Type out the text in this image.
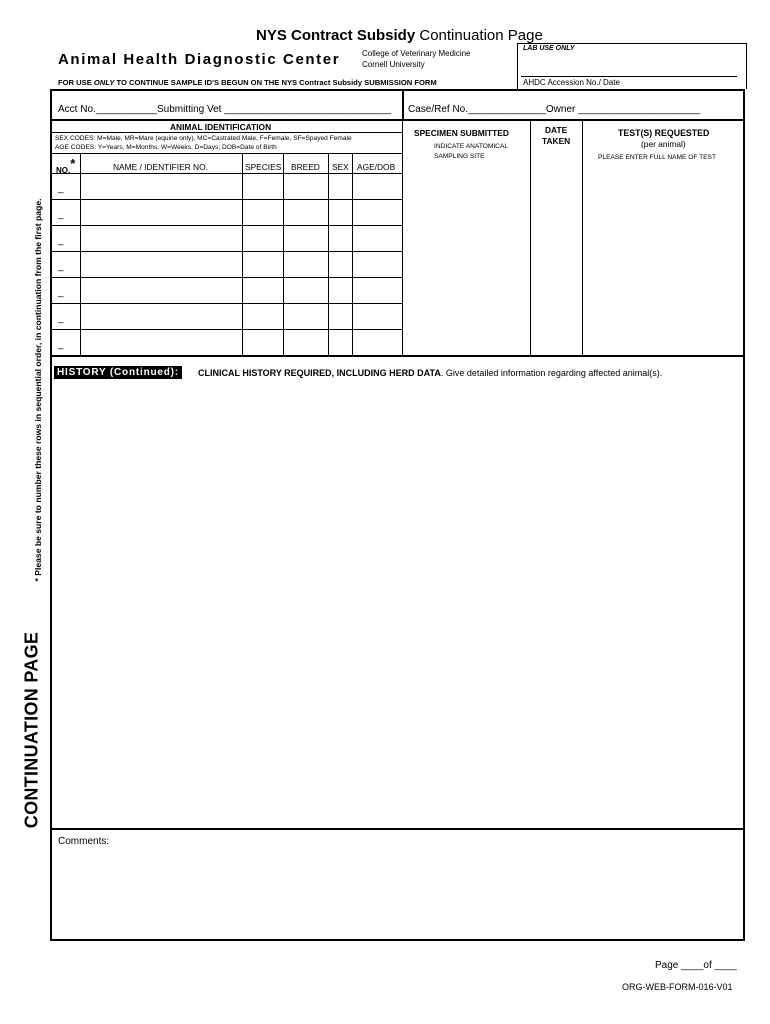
NYS Contract Subsidy Continuation Page
Animal Health Diagnostic Center	College of Veterinary Medicine
Cornell University
LAB USE ONLY
AHDC Accession No./ Date
FOR USE ONLY TO CONTINUE SAMPLE ID'S BEGUN ON THE NYS Contract Subsidy SUBMISSION FORM
Acct No.___________Submitting Vet ______________________________ Case/Ref No.______________Owner ______________________
ANIMAL IDENTIFICATION
SEX CODES: M=Male, MR=Mare (equine only), MC=Castrated Male, F=Female, SF=Spayed Female
AGE CODES: Y=Years, M=Months, W=Weeks, D=Days; DOB=Date of Birth
NO.*	NAME / IDENTIFIER NO.	SPECIES BREED SEX AGE/DOB
SPECIMEN SUBMITTED
INDICATE ANATOMICAL
SAMPLING SITE
DATE
TAKEN
TEST(S) REQUESTED
(per animal)
PLEASE ENTER FULL NAME OF TEST
_
_
_
_
_
_
_
Comments:
HISTORY (Continued):	CLINICAL HISTORY REQUIRED, INCLUDING HERD DATA. Give detailed information regarding affected animal(s).
CONTINUATION PAGE
* Please be sure to number these rows in sequential order, in continuation from the first page.
Page ____of ____
ORG-WEB-FORM-016-V01
